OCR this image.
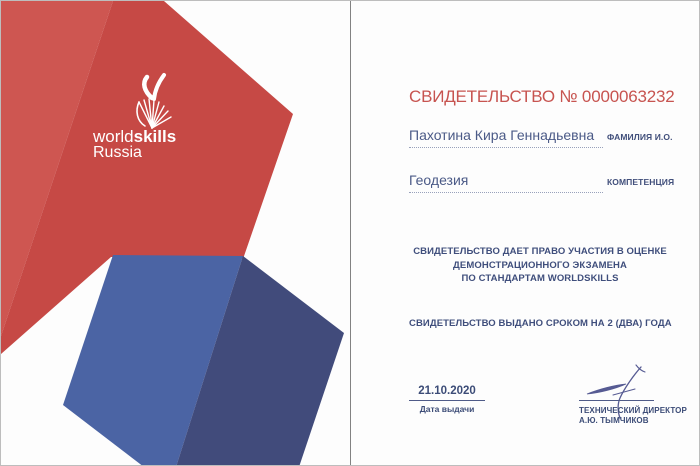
worldskills
Russia
СВИДЕТЕЛЬСТВО № 0000063232
Пахотина Кира Геннадьевна	ФАМИЛИЯ И.О.
Геодезия	КОМПЕТЕНЦИЯ
СВИДЕТЕЛЬСТВО ДАЕТ ПРАВО УЧАСТИЯ В ОЦЕНКЕ
ДЕМОНСТРАЦИОННОГО ЭКЗАМЕНА
ПО СТАНДАРТАМ WORLDSKILLS
СВИДЕТЕЛЬСТВО ВЫДАНО СРОКОМ НА 2 (ДВА) ГОДА
21.10.2020
Дата выдачи	ТЕХНИЧЕСКИЙ ДИРЕКТОР
А.Ю. ТЫМЧИКОВ
